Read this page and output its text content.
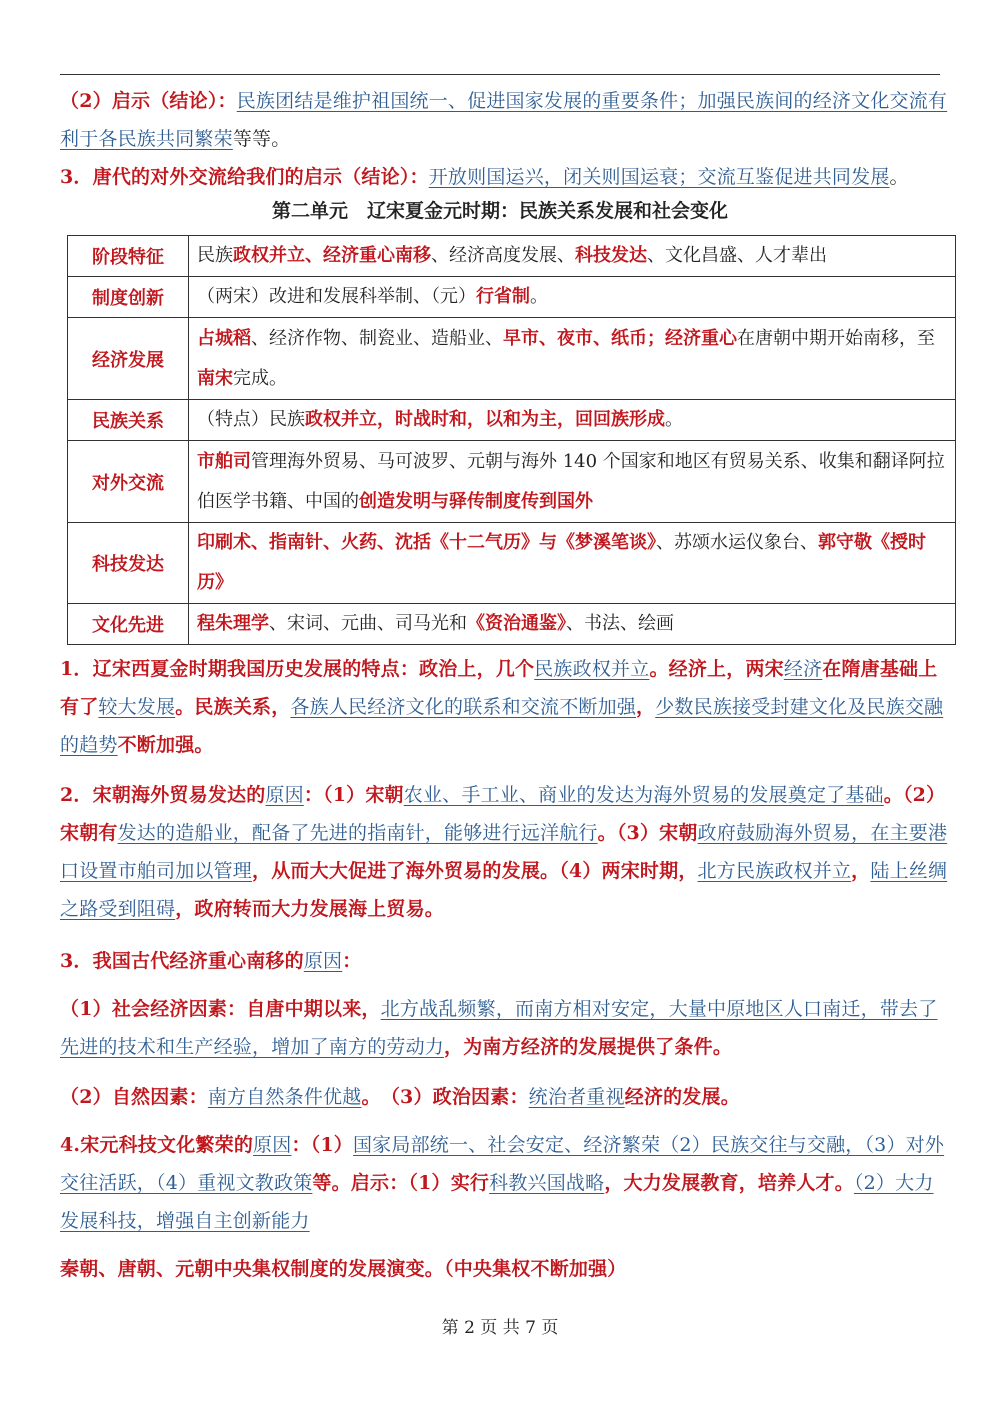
（2）启示（结论）：民族团结是维护祖国统一、促进国家发展的重要条件；加强民族间的经济文化交流有利于各民族共同繁荣等等。
3．唐代的对外交流给我们的启示（结论）：开放则国运兴，闭关则国运衰；交流互鉴促进共同发展。
第二单元　辽宋夏金元时期：民族关系发展和社会变化
阶段特征	民族政权并立、经济重心南移、经济高度发展、科技发达、文化昌盛、人才辈出
制度创新	（两宋）改进和发展科举制、（元）行省制。
经济发展	占城稻、经济作物、制瓷业、造船业、早市、夜市、纸币；经济重心在唐朝中期开始南移，至南宋完成。
民族关系	（特点）民族政权并立，时战时和，以和为主，回回族形成。
对外交流	市舶司管理海外贸易、马可波罗、元朝与海外 140 个国家和地区有贸易关系、收集和翻译阿拉伯医学书籍、中国的创造发明与驿传制度传到国外
科技发达	印刷术、指南针、火药、沈括《十二气历》与《梦溪笔谈》、苏颂水运仪象台、郭守敬《授时历》
文化先进	程朱理学、宋词、元曲、司马光和《资治通鉴》、书法、绘画
1．辽宋西夏金时期我国历史发展的特点：政治上，几个民族政权并立。经济上，两宋经济在隋唐基础上有了较大发展。民族关系，各族人民经济文化的联系和交流不断加强，少数民族接受封建文化及民族交融的趋势不断加强。
2．宋朝海外贸易发达的原因：（1）宋朝农业、手工业、商业的发达为海外贸易的发展奠定了基础。（2）宋朝有发达的造船业，配备了先进的指南针，能够进行远洋航行。（3）宋朝政府鼓励海外贸易，在主要港口设置市舶司加以管理，从而大大促进了海外贸易的发展。（4）两宋时期，北方民族政权并立，陆上丝绸之路受到阻碍，政府转而大力发展海上贸易。
3．我国古代经济重心南移的原因：
（1）社会经济因素：自唐中期以来，北方战乱频繁，而南方相对安定，大量中原地区人口南迁，带去了先进的技术和生产经验，增加了南方的劳动力，为南方经济的发展提供了条件。
（2）自然因素：南方自然条件优越。　（3）政治因素：统治者重视经济的发展。
4.宋元科技文化繁荣的原因：（1）国家局部统一、社会安定、经济繁荣（2）民族交往与交融，（3）对外交往活跃，（4）重视文教政策等。启示：（1）实行科教兴国战略，大力发展教育，培养人才。（2）大力发展科技，增强自主创新能力
秦朝、唐朝、元朝中央集权制度的发展演变。（中央集权不断加强）
第 2 页 共 7 页
